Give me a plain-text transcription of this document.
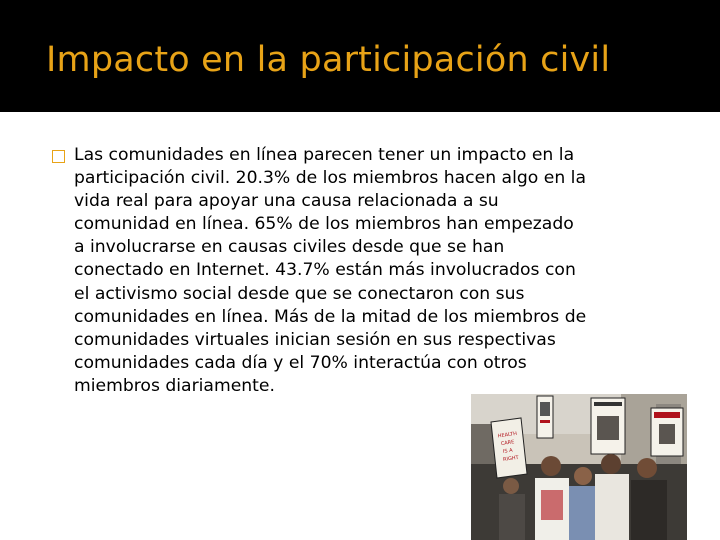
Impacto en la participación civil
Las comunidades en línea parecen tener un impacto en la
participación civil. 20.3% de los miembros hacen algo en la
vida real para apoyar una causa relacionada a su
comunidad en línea. 65% de los miembros han empezado
a involucrarse en causas civiles desde que se han
conectado en Internet. 43.7% están más involucrados con
el activismo social desde que se conectaron con sus
comunidades en línea. Más de la mitad de los miembros de
comunidades virtuales inician sesión en sus respectivas
comunidades cada día y el 70% interactúa con otros
miembros diariamente.
HEALTH
CARE
IS A
RIGHT
